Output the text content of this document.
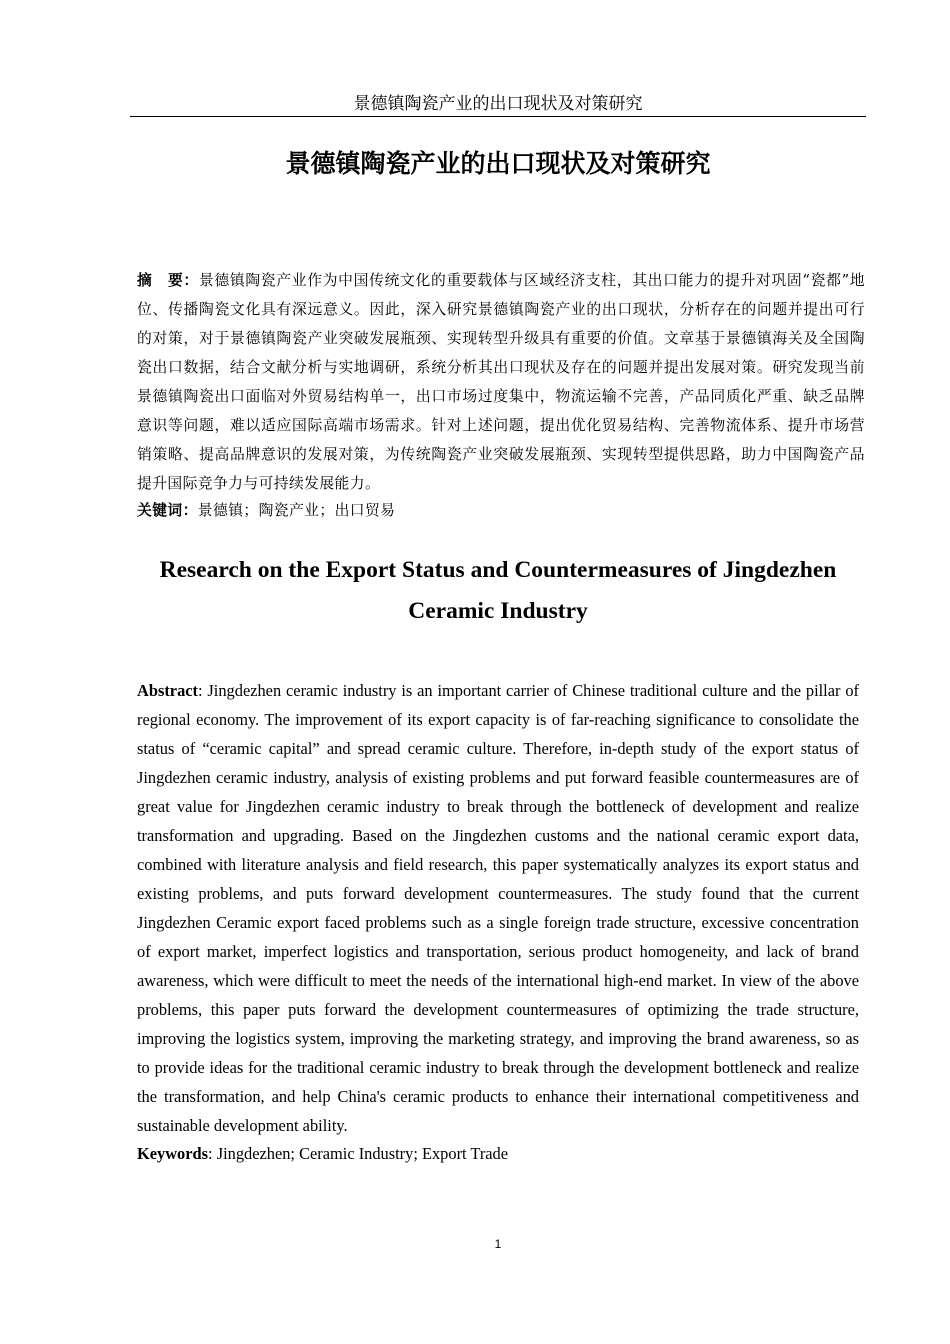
景德镇陶瓷产业的出口现状及对策研究
景德镇陶瓷产业的出口现状及对策研究
摘　要：景德镇陶瓷产业作为中国传统文化的重要载体与区域经济支柱，其出口能力的提升对巩固“瓷都”地位、传播陶瓷文化具有深远意义。因此，深入研究景德镇陶瓷产业的出口现状，分析存在的问题并提出可行的对策，对于景德镇陶瓷产业突破发展瓶颈、实现转型升级具有重要的价值。文章基于景德镇海关及全国陶瓷出口数据，结合文献分析与实地调研，系统分析其出口现状及存在的问题并提出发展对策。研究发现当前景德镇陶瓷出口面临对外贸易结构单一，出口市场过度集中，物流运输不完善，产品同质化严重、缺乏品牌意识等问题，难以适应国际高端市场需求。针对上述问题，提出优化贸易结构、完善物流体系、提升市场营销策略、提高品牌意识的发展对策，为传统陶瓷产业突破发展瓶颈、实现转型提供思路，助力中国陶瓷产品提升国际竞争力与可持续发展能力。
关键词：景德镇；陶瓷产业；出口贸易
Research on the Export Status and Countermeasures of Jingdezhen Ceramic Industry
Abstract: Jingdezhen ceramic industry is an important carrier of Chinese traditional culture and the pillar of regional economy. The improvement of its export capacity is of far-reaching significance to consolidate the status of “ceramic capital” and spread ceramic culture. Therefore, in-depth study of the export status of Jingdezhen ceramic industry, analysis of existing problems and put forward feasible countermeasures are of great value for Jingdezhen ceramic industry to break through the bottleneck of development and realize transformation and upgrading. Based on the Jingdezhen customs and the national ceramic export data, combined with literature analysis and field research, this paper systematically analyzes its export status and existing problems, and puts forward development countermeasures. The study found that the current Jingdezhen Ceramic export faced problems such as a single foreign trade structure, excessive concentration of export market, imperfect logistics and transportation, serious product homogeneity, and lack of brand awareness, which were difficult to meet the needs of the international high-end market. In view of the above problems, this paper puts forward the development countermeasures of optimizing the trade structure, improving the logistics system, improving the marketing strategy, and improving the brand awareness, so as to provide ideas for the traditional ceramic industry to break through the development bottleneck and realize the transformation, and help China's ceramic products to enhance their international competitiveness and sustainable development ability.
Keywords: Jingdezhen; Ceramic Industry; Export Trade
1
